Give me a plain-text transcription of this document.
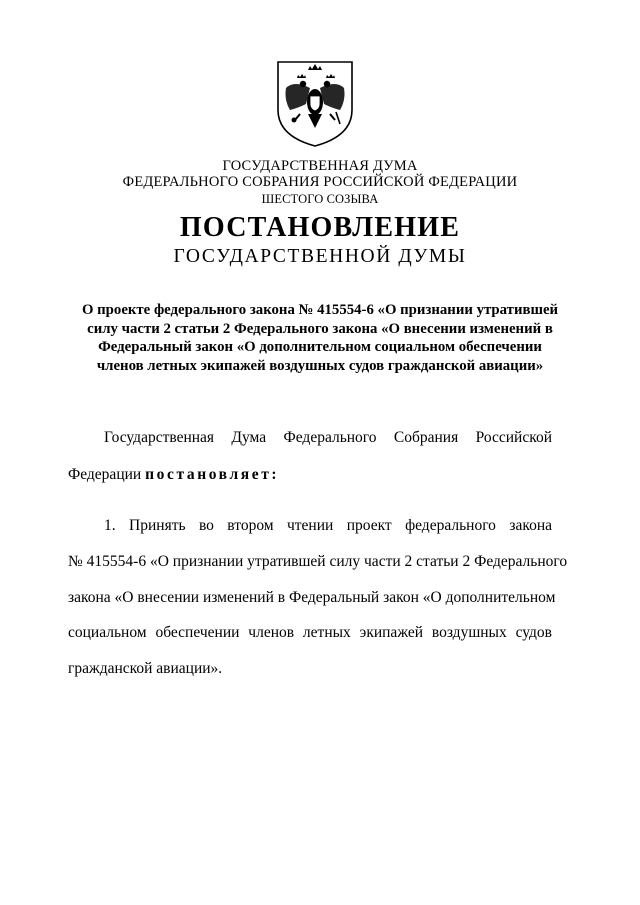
ГОСУДАРСТВЕННАЯ ДУМА
ФЕДЕРАЛЬНОГО СОБРАНИЯ РОССИЙСКОЙ ФЕДЕРАЦИИ
ШЕСТОГО СОЗЫВА
ПОСТАНОВЛЕНИЕ
ГОСУДАРСТВЕННОЙ ДУМЫ
О проекте федерального закона № 415554-6 «О признании утратившей
силу части 2 статьи 2 Федерального закона «О внесении изменений в
Федеральный закон «О дополнительном социальном обеспечении
членов летных экипажей воздушных судов гражданской авиации»
Государственная Дума Федерального Собрания Российской
Федерации постановляет:
1. Принять во втором чтении проект федерального закона
№ 415554-6 «О признании утратившей силу части 2 статьи 2 Федерального
закона «О внесении изменений в Федеральный закон «О дополнительном
социальном обеспечении членов летных экипажей воздушных судов
гражданской авиации».
